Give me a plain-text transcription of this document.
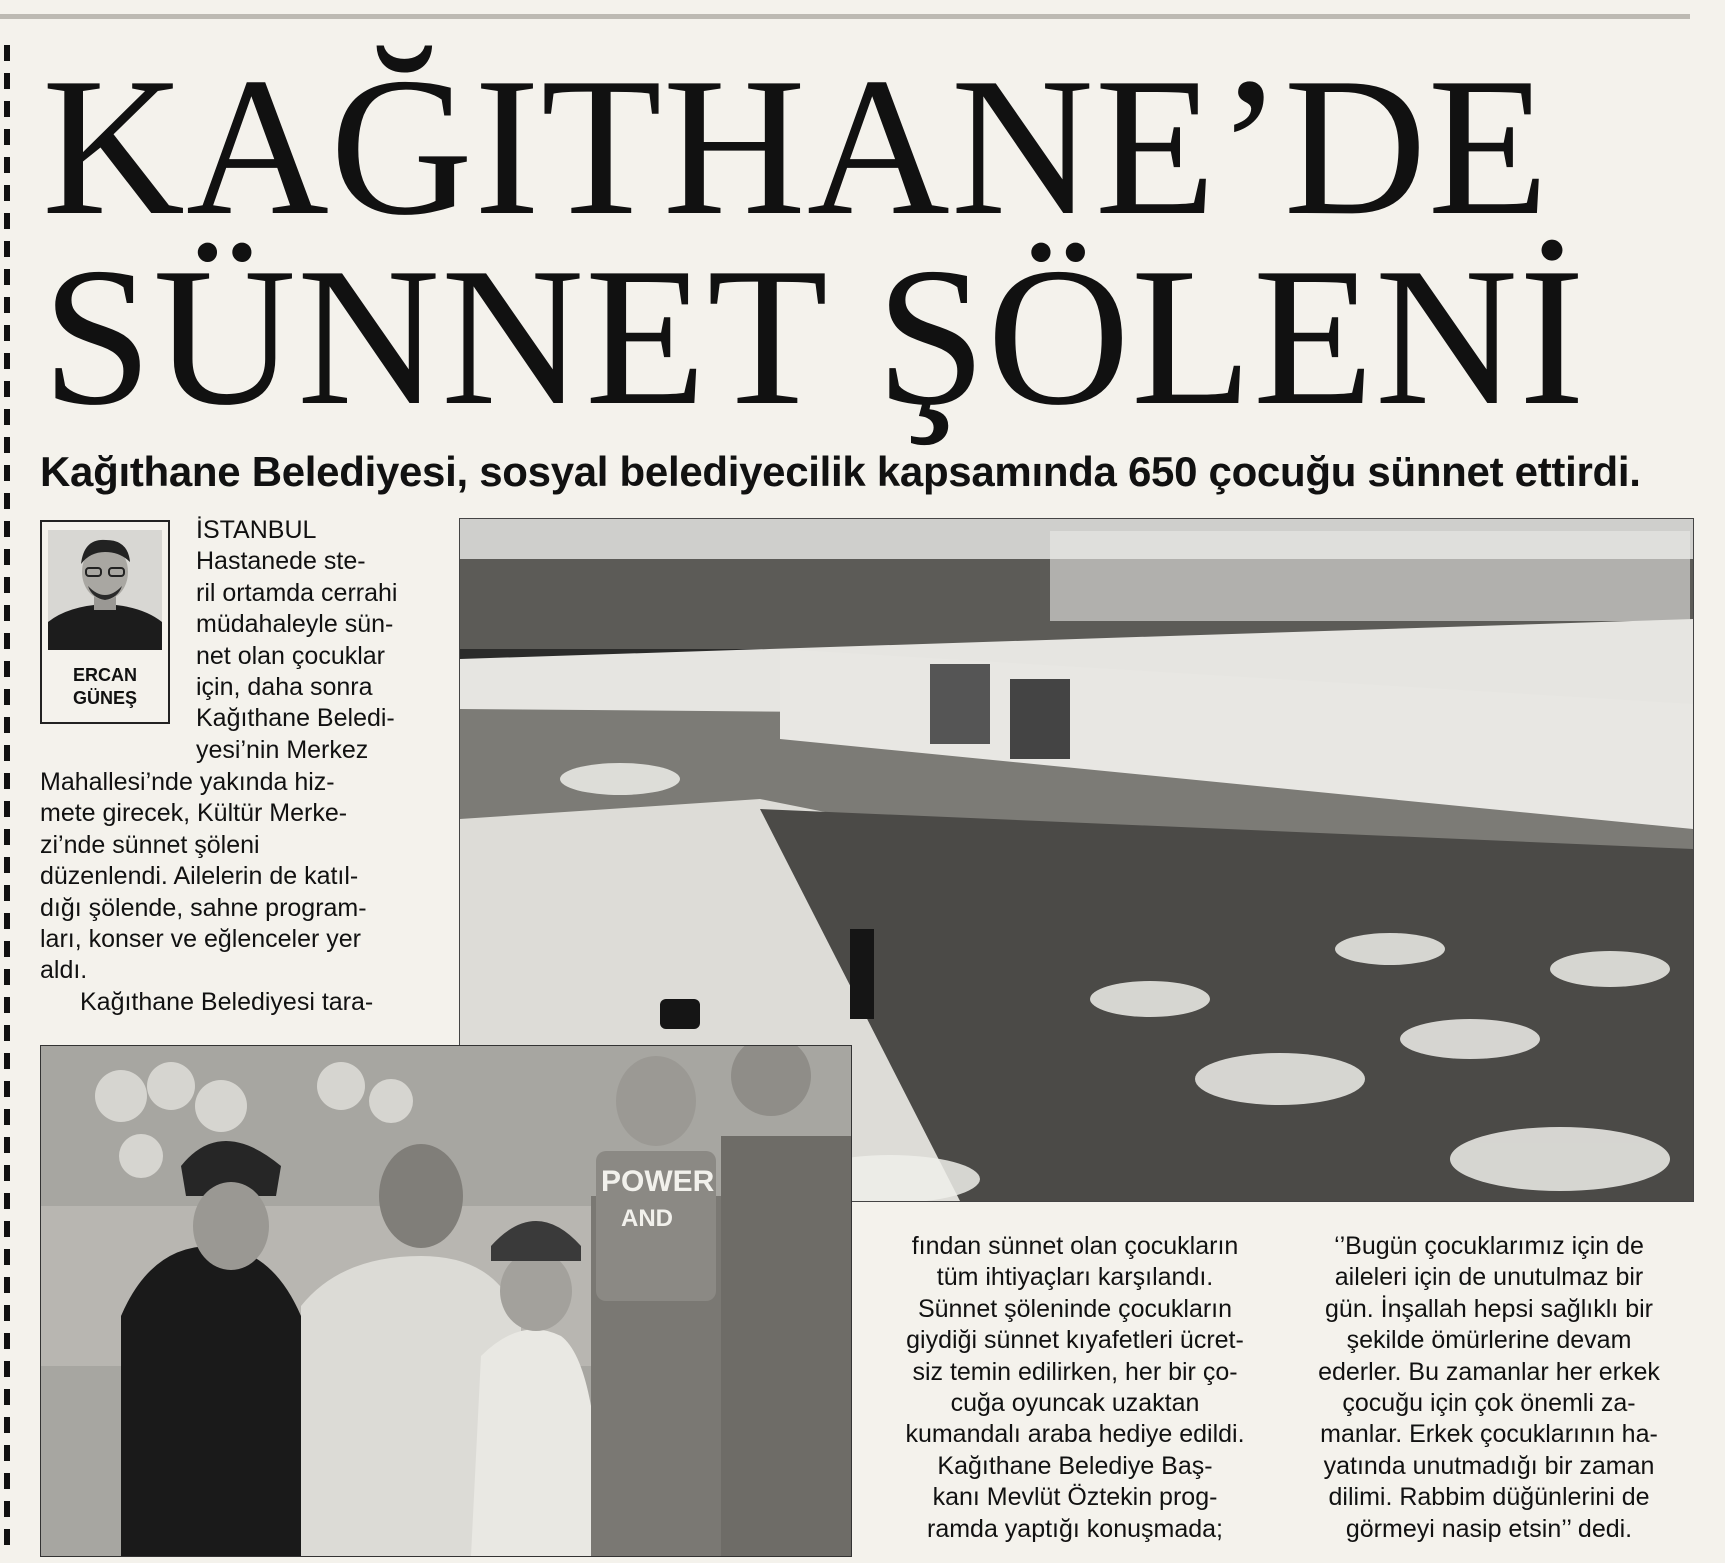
KAĞITHANE’DE
SÜNNET ŞÖLENİ
Kağıthane Belediyesi, sosyal belediyecilik kapsamında 650 çocuğu sünnet ettirdi.
ERCAN
GÜNEŞ

İSTANBUL

Hastanede ste-

ril ortamda cerrahi

müdahaleyle sün-

net olan çocuklar

için, daha sonra

Kağıthane Beledi-

yesi’nin Merkez

Mahallesi’nde yakında hiz-

mete girecek, Kültür Merke-

zi’nde sünnet şöleni

düzenlendi. Ailelerin de katıl-

dığı şölende, sahne program-

ları, konser ve eğlenceler yer

aldı.

Kağıthane Belediyesi tara-

POWER
AND

fından sünnet olan çocukların

tüm ihtiyaçları karşılandı.

Sünnet şöleninde çocukların

giydiği sünnet kıyafetleri ücret-

siz temin edilirken, her bir ço-

cuğa oyuncak uzaktan

kumandalı araba hediye edildi.

Kağıthane Belediye Baş-

kanı Mevlüt Öztekin prog-

ramda yaptığı konuşmada;

‘’Bugün çocuklarımız için de

aileleri için de unutulmaz bir

gün. İnşallah hepsi sağlıklı bir

şekilde ömürlerine devam

ederler. Bu zamanlar her erkek

çocuğu için çok önemli za-

manlar. Erkek çocuklarının ha-

yatında unutmadığı bir zaman

dilimi. Rabbim düğünlerini de

görmeyi nasip etsin’’ dedi.
